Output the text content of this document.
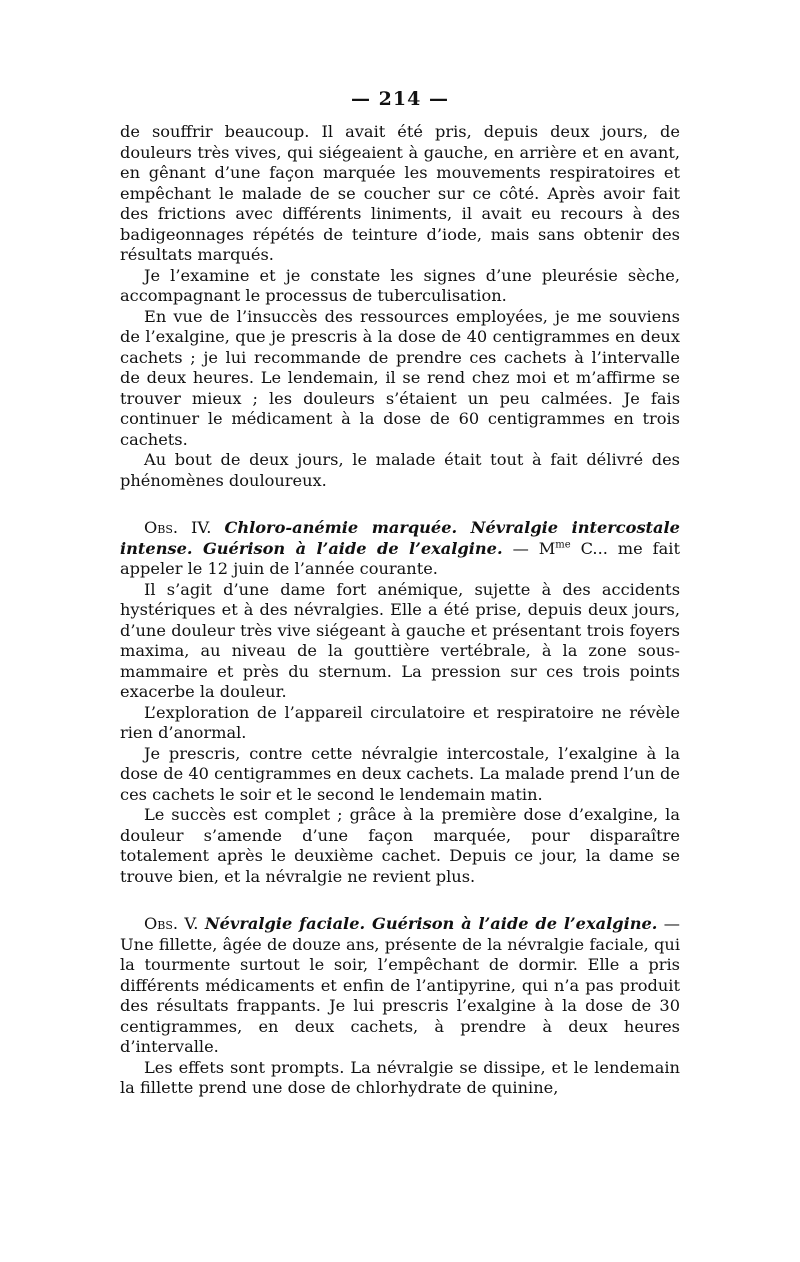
— 214 —

de souffrir beaucoup. Il avait été pris, depuis deux jours, de douleurs très vives, qui siégeaient à gauche, en arrière et en avant, en gênant d’une façon marquée les mouvements respiratoires et empêchant le malade de se coucher sur ce côté. Après avoir fait des frictions avec différents liniments, il avait eu recours à des badigeonnages répétés de teinture d’iode, mais sans obtenir des résultats marqués.

Je l’examine et je constate les signes d’une pleurésie sèche, accompagnant le processus de tuberculisation.

En vue de l’insuccès des ressources employées, je me souviens de l’exalgine, que je prescris à la dose de 40 centigrammes en deux cachets ; je lui recommande de prendre ces cachets à l’intervalle de deux heures. Le lendemain, il se rend chez moi et m’affirme se trouver mieux ; les douleurs s’étaient un peu calmées. Je fais continuer le médicament à la dose de 60 centigrammes en trois cachets.

Au bout de deux jours, le malade était tout à fait délivré des phénomènes douloureux.

Obs. IV. Chloro-anémie marquée. Névralgie intercostale intense. Guérison à l’aide de l’exalgine. — $M^{me}$ C... me fait appeler le 12 juin de l’année courante.

Il s’agit d’une dame fort anémique, sujette à des accidents hystériques et à des névralgies. Elle a été prise, depuis deux jours, d’une douleur très vive siégeant à gauche et présentant trois foyers maxima, au niveau de la gouttière vertébrale, à la zone sous-mammaire et près du sternum. La pression sur ces trois points exacerbe la douleur.

L’exploration de l’appareil circulatoire et respiratoire ne révèle rien d’anormal.

Je prescris, contre cette névralgie intercostale, l’exalgine à la dose de 40 centigrammes en deux cachets. La malade prend l’un de ces cachets le soir et le second le lendemain matin.

Le succès est complet ; grâce à la première dose d’exalgine, la douleur s’amende d’une façon marquée, pour disparaître totalement après le deuxième cachet. Depuis ce jour, la dame se trouve bien, et la névralgie ne revient plus.

Obs. V. Névralgie faciale. Guérison à l’aide de l’exalgine. — Une fillette, âgée de douze ans, présente de la névralgie faciale, qui la tourmente surtout le soir, l’empêchant de dormir. Elle a pris différents médicaments et enfin de l’antipyrine, qui n’a pas produit des résultats frappants. Je lui prescris l’exalgine à la dose de 30 centigrammes, en deux cachets, à prendre à deux heures d’intervalle.

Les effets sont prompts. La névralgie se dissipe, et le lendemain la fillette prend une dose de chlorhydrate de quinine,
